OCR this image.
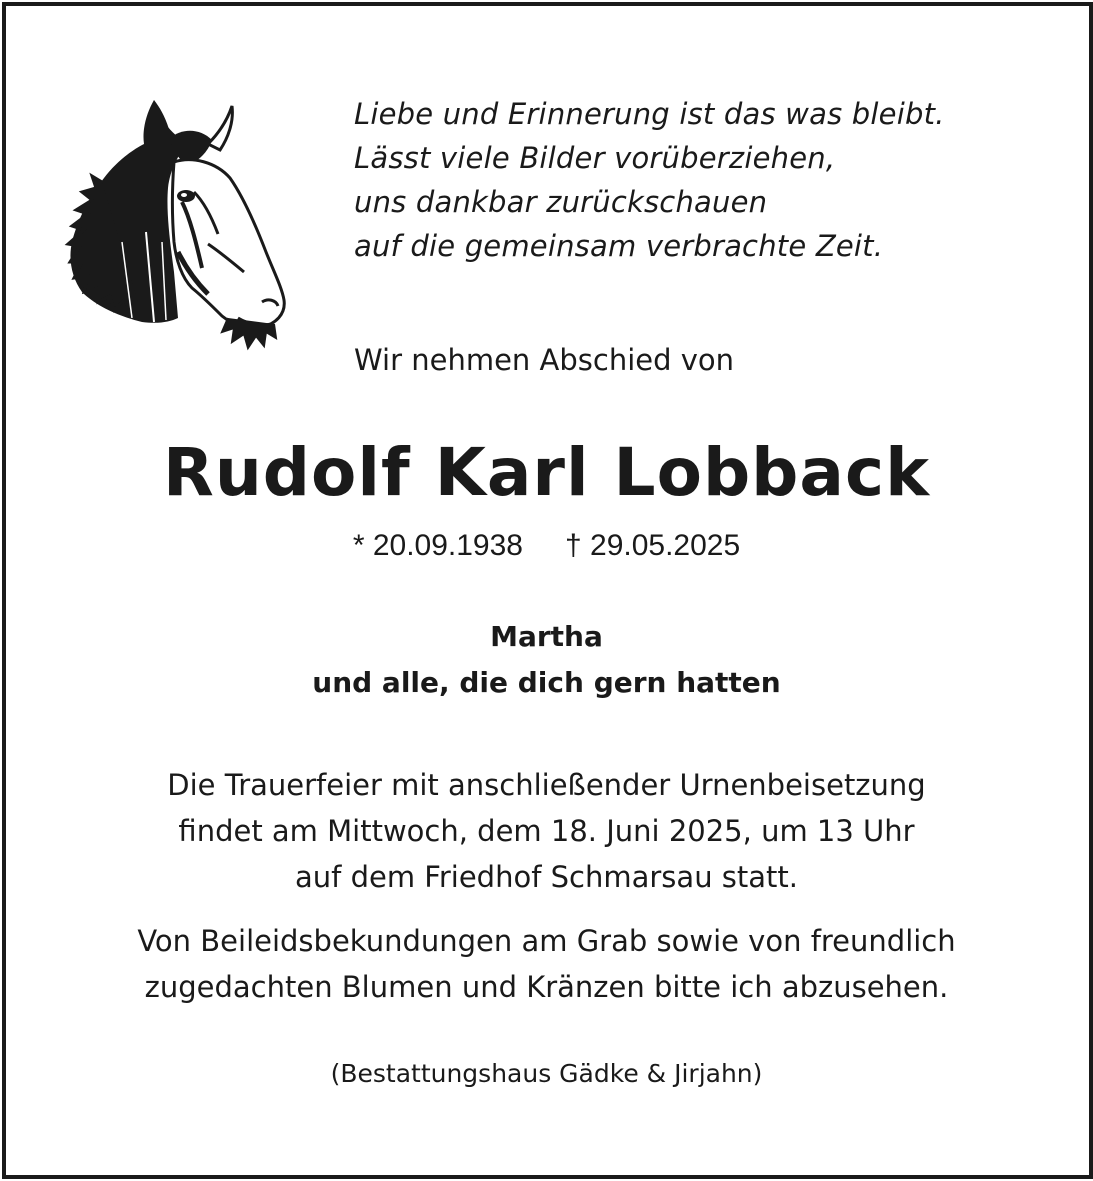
Liebe und Erinnerung ist das was bleibt.
Lässt viele Bilder vorüberziehen,
uns dankbar zurückschauen
auf die gemeinsam verbrachte Zeit.
Wir nehmen Abschied von
Rudolf Karl Lobback
* 20.09.1938 † 29.05.2025
Martha
und alle, die dich gern hatten
Die Trauerfeier mit anschließender Urnenbeisetzung
findet am Mittwoch, dem 18. Juni 2025, um 13 Uhr
auf dem Friedhof Schmarsau statt.
Von Beileidsbekundungen am Grab sowie von freundlich
zugedachten Blumen und Kränzen bitte ich abzusehen.
(Bestattungshaus Gädke & Jirjahn)
